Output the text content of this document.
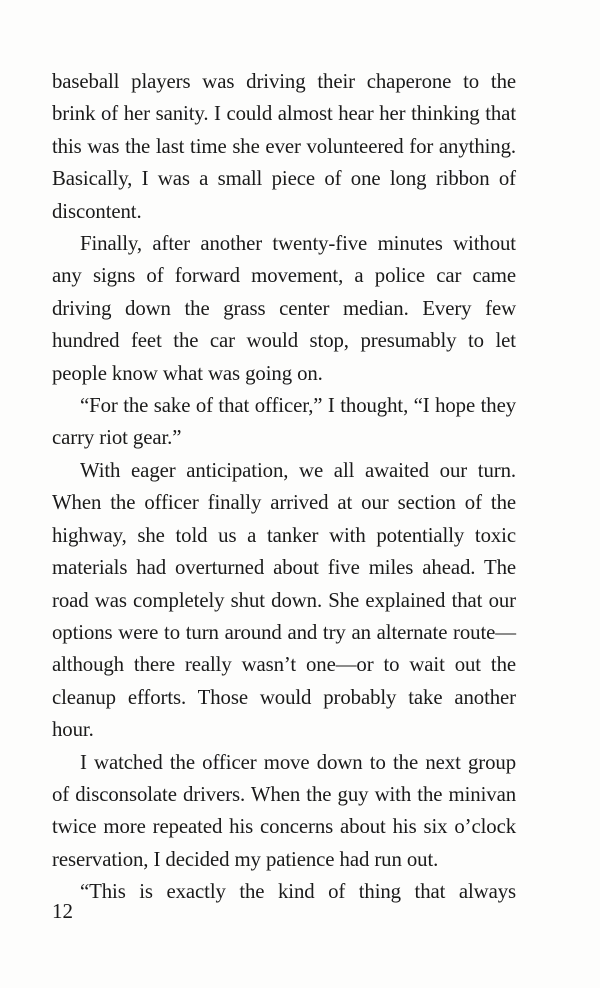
baseball players was driving their chaperone to the brink of her sanity. I could almost hear her thinking that this was the last time she ever volunteered for anything. Basically, I was a small piece of one long ribbon of discontent.

Finally, after another twenty-five minutes without any signs of forward movement, a police car came driving down the grass center median. Every few hundred feet the car would stop, presumably to let people know what was going on.

“For the sake of that officer,” I thought, “I hope they carry riot gear.”

With eager anticipation, we all awaited our turn. When the officer finally arrived at our section of the highway, she told us a tanker with potentially toxic materials had overturned about five miles ahead. The road was completely shut down. She explained that our options were to turn around and try an alternate route—although there really wasn’t one—or to wait out the cleanup efforts. Those would probably take another hour.

I watched the officer move down to the next group of disconsolate drivers. When the guy with the minivan twice more repeated his concerns about his six o’clock reservation, I decided my patience had run out.

“This is exactly the kind of thing that always

12
